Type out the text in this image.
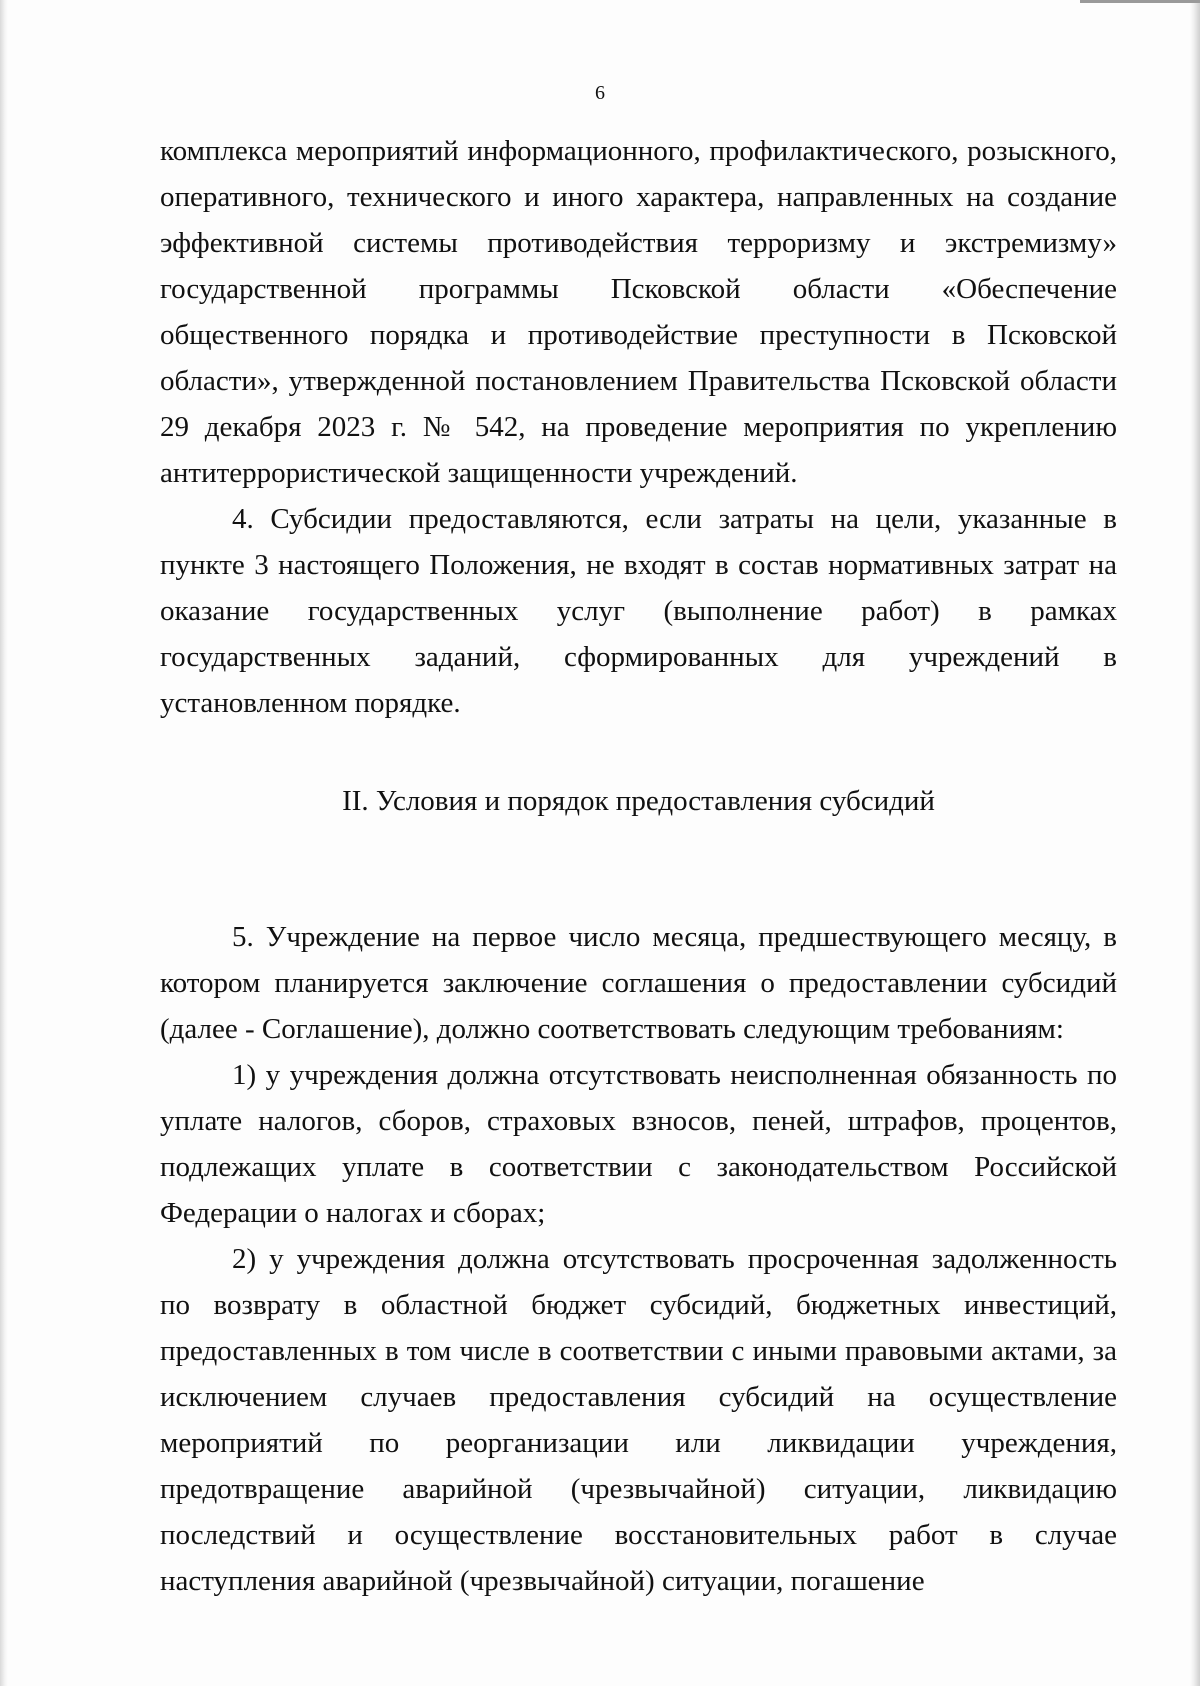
6

комплекса мероприятий информационного, профилактического, розыскного, оперативного, технического и иного характера, направленных на создание эффективной системы противодействия терроризму и экстремизму» государственной программы Псковской области «Обеспечение общественного порядка и противодействие преступности в Псковской области», утвержденной постановлением Правительства Псковской области 29 декабря 2023 г. № 542, на проведение мероприятия по укреплению антитеррористической защищенности учреждений.

4. Субсидии предоставляются, если затраты на цели, указанные в пункте 3 настоящего Положения, не входят в состав нормативных затрат на оказание государственных услуг (выполнение работ) в рамках государственных заданий, сформированных для учреждений в установленном порядке.

II. Условия и порядок предоставления субсидий

5. Учреждение на первое число месяца, предшествующего месяцу, в котором планируется заключение соглашения о предоставлении субсидий (далее - Соглашение), должно соответствовать следующим требованиям:

1) у учреждения должна отсутствовать неисполненная обязанность по уплате налогов, сборов, страховых взносов, пеней, штрафов, процентов, подлежащих уплате в соответствии с законодательством Российской Федерации о налогах и сборах;

2) у учреждения должна отсутствовать просроченная задолженность по возврату в областной бюджет субсидий, бюджетных инвестиций, предоставленных в том числе в соответствии с иными правовыми актами, за исключением случаев предоставления субсидий на осуществление мероприятий по реорганизации или ликвидации учреждения, предотвращение аварийной (чрезвычайной) ситуации, ликвидацию последствий и осуществление восстановительных работ в случае наступления аварийной (чрезвычайной) ситуации, погашение
